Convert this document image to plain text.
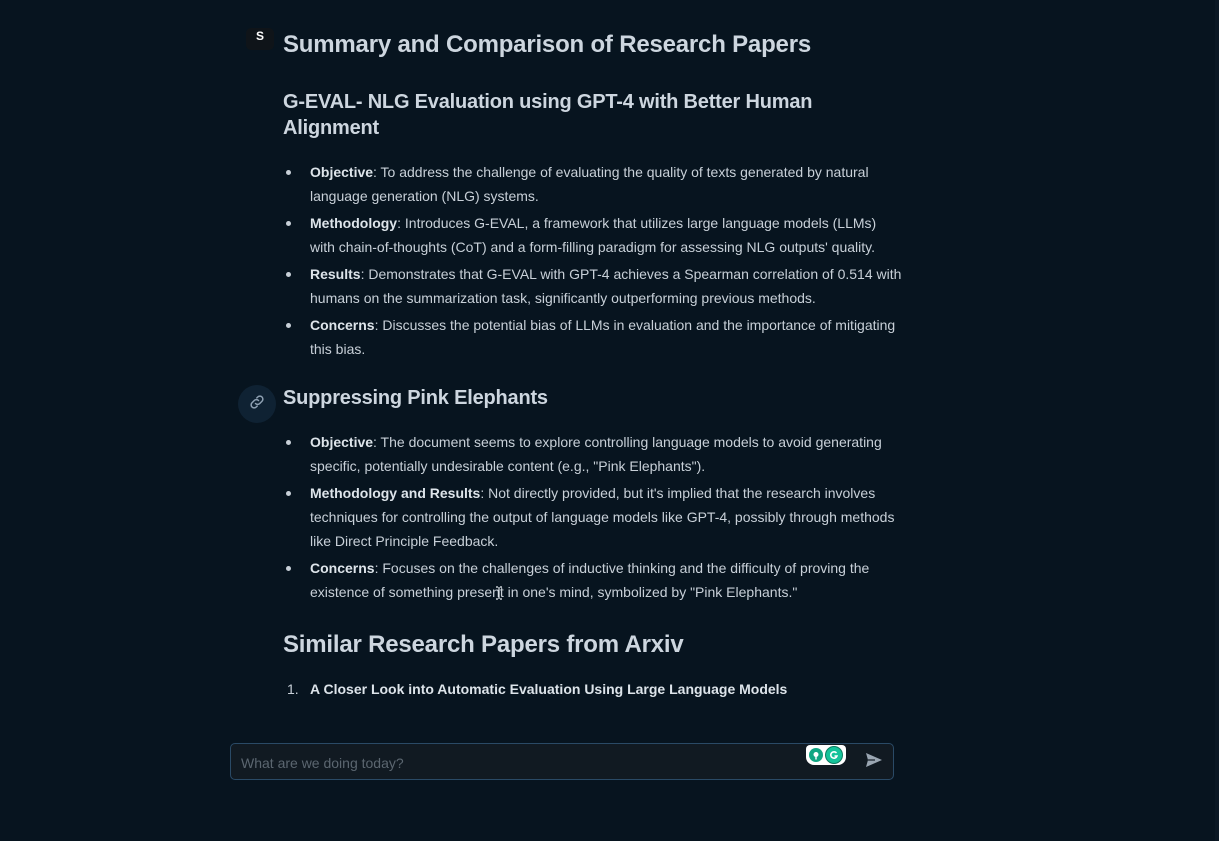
S Summary and Comparison of Research Papers
G-EVAL- NLG Evaluation using GPT-4 with Better Human Alignment
Objective: To address the challenge of evaluating the quality of texts generated by natural language generation (NLG) systems.
Methodology: Introduces G-EVAL, a framework that utilizes large language models (LLMs) with chain-of-thoughts (CoT) and a form-filling paradigm for assessing NLG outputs' quality.
Results: Demonstrates that G-EVAL with GPT-4 achieves a Spearman correlation of 0.514 with humans on the summarization task, significantly outperforming previous methods.
Concerns: Discusses the potential bias of LLMs in evaluation and the importance of mitigating this bias.
Suppressing Pink Elephants
Objective: The document seems to explore controlling language models to avoid generating specific, potentially undesirable content (e.g., "Pink Elephants").
Methodology and Results: Not directly provided, but it's implied that the research involves techniques for controlling the output of language models like GPT-4, possibly through methods like Direct Principle Feedback.
Concerns: Focuses on the challenges of inductive thinking and the difficulty of proving the existence of something present in one's mind, symbolized by "Pink Elephants."
Similar Research Papers from Arxiv
1. A Closer Look into Automatic Evaluation Using Large Language Models
What are we doing today?
